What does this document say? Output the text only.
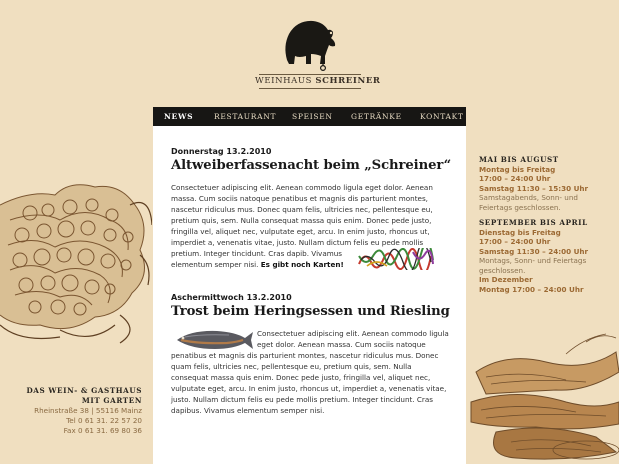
WEINHAUS SCHREINER
NEWS	RESTAURANT SPEISEN GETRÄNKE KONTAKT
Donnerstag 13.2.2010
Altweiberfassenacht beim „Schreiner“
Consectetuer adipiscing elit. Aenean commodo ligula eget dolor. Aenean
massa. Cum sociis natoque penatibus et magnis dis parturient montes,
nascetur ridiculus mus. Donec quam felis, ultricies nec, pellentesque eu,
pretium quis, sem. Nulla consequat massa quis enim. Donec pede justo,
fringilla vel, aliquet nec, vulputate eget, arcu. In enim justo, rhoncus ut,
imperdiet a, venenatis vitae, justo. Nullam dictum felis eu pede mollis
pretium. Integer tincidunt. Cras dapib. Vivamus
elementum semper nisi. Es gibt noch Karten!
Aschermittwoch 13.2.2010
Trost beim Heringsessen und Riesling
Consectetuer adipiscing elit. Aenean commodo ligula
eget dolor. Aenean massa. Cum sociis natoque
penatibus et magnis dis parturient montes, nascetur ridiculus mus. Donec
quam felis, ultricies nec, pellentesque eu, pretium quis, sem. Nulla
consequat massa quis enim. Donec pede justo, fringilla vel, aliquet nec,
vulputate eget, arcu. In enim justo, rhoncus ut, imperdiet a, venenatis vitae,
justo. Nullam dictum felis eu pede mollis pretium. Integer tincidunt. Cras
dapibus. Vivamus elementum semper nisi.
MAI BIS AUGUST
Montag bis Freitag
17:00 – 24:00 Uhr
Samstag 11:30 – 15:30 Uhr
Samstagabends, Sonn- und
Feiertags geschlossen.
SEPTEMBER BIS APRIL
Dienstag bis Freitag
17:00 – 24:00 Uhr
Samstag 11:30 – 24:00 Uhr
Montags, Sonn- und Feiertags
geschlossen.
Im Dezember
Montag 17:00 – 24:00 Uhr
DAS WEIN- & GASTHAUS
MIT GARTEN
Rheinstraße 38 | 55116 Mainz
Tel 0 61 31. 22 57 20
Fax 0 61 31. 69 80 36
